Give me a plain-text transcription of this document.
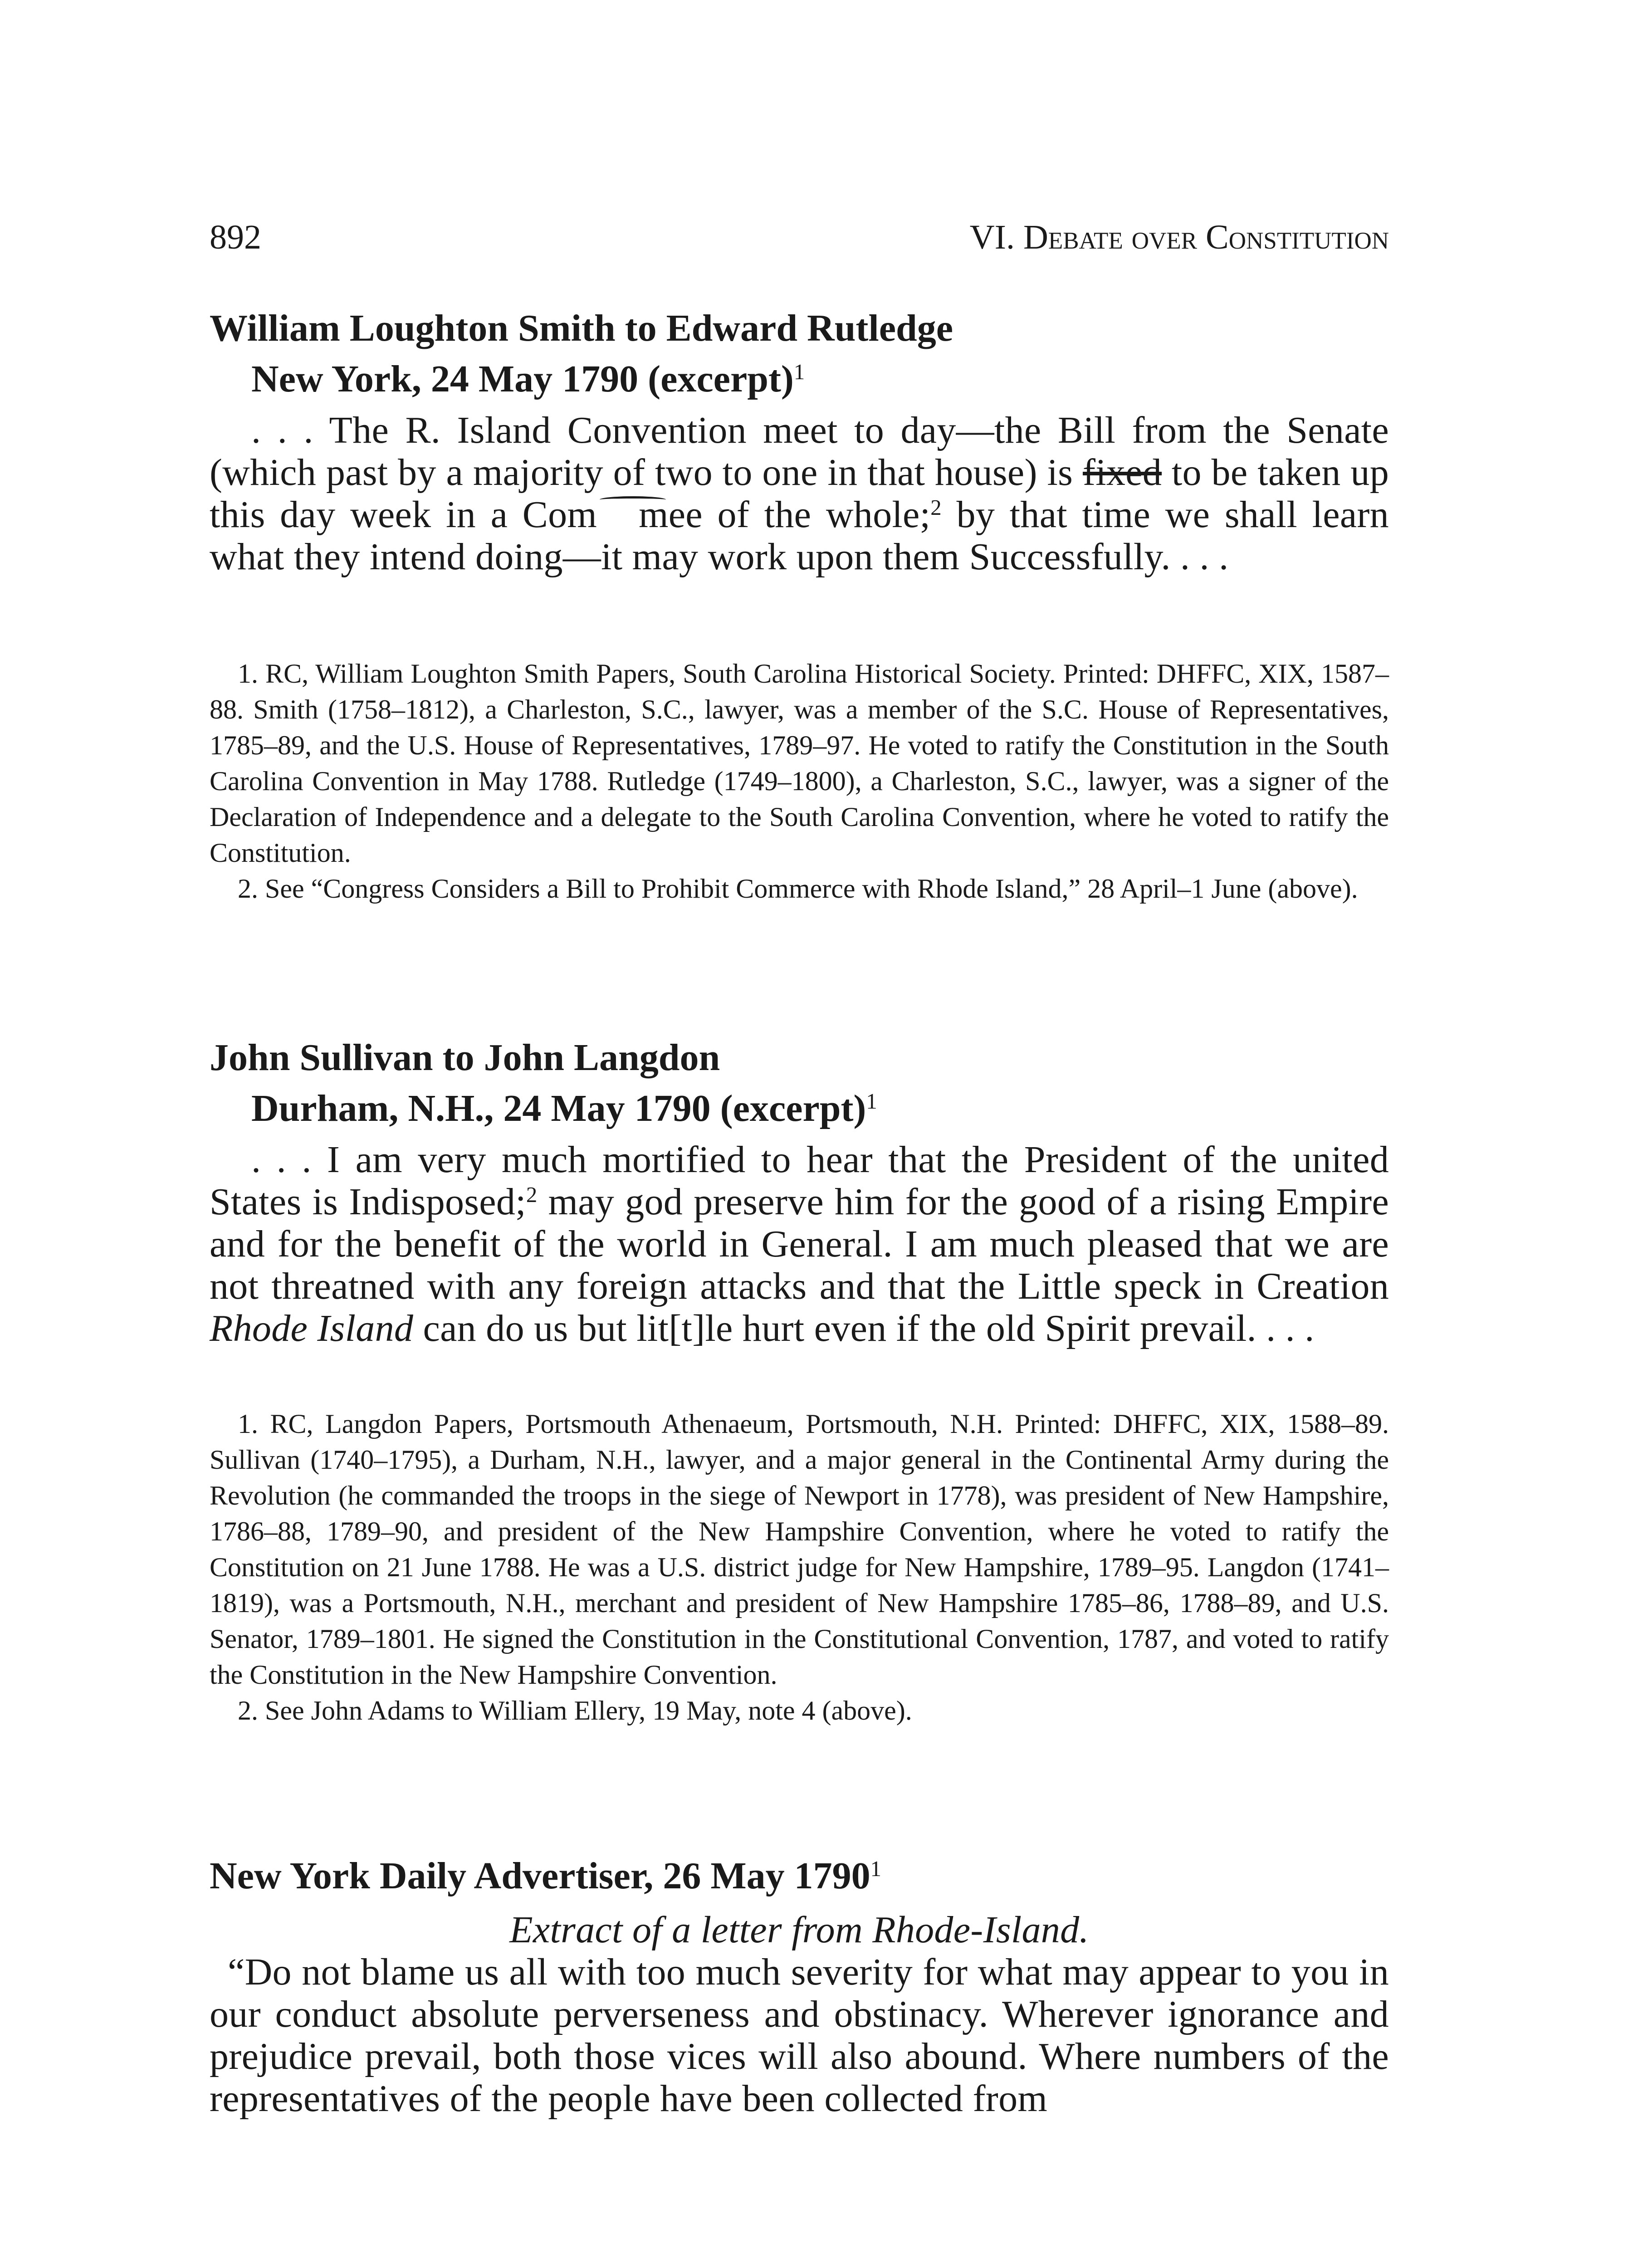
892	VI. Debate over Constitution
William Loughton Smith to Edward Rutledge
New York, 24 May 1790 (excerpt)$^1$

. . . The R. Island Convention meet to day—the Bill from the Senate (which past by a majority of two to one in that house) is fixed to be taken up this day week in a Com mee of the whole;$^2$ by that time we shall learn what they intend doing—it may work upon them Successfully. . . .

1. RC, William Loughton Smith Papers, South Carolina Historical Society. Printed: DHFFC, XIX, 1587–88. Smith (1758–1812), a Charleston, S.C., lawyer, was a member of the S.C. House of Representatives, 1785–89, and the U.S. House of Representatives, 1789–97. He voted to ratify the Constitution in the South Carolina Convention in May 1788. Rutledge (1749–1800), a Charleston, S.C., lawyer, was a signer of the Declaration of Independence and a delegate to the South Carolina Convention, where he voted to ratify the Constitution.

2. See “Congress Considers a Bill to Prohibit Commerce with Rhode Island,” 28 April–1 June (above).

John Sullivan to John Langdon
Durham, N.H., 24 May 1790 (excerpt)$^1$

. . . I am very much mortified to hear that the President of the united States is Indisposed;$^2$ may god preserve him for the good of a rising Empire and for the benefit of the world in General. I am much pleased that we are not threatned with any foreign attacks and that the Little speck in Creation Rhode Island can do us but lit[t]le hurt even if the old Spirit prevail. . . .

1. RC, Langdon Papers, Portsmouth Athenaeum, Portsmouth, N.H. Printed: DHFFC, XIX, 1588–89. Sullivan (1740–1795), a Durham, N.H., lawyer, and a major general in the Continental Army during the Revolution (he commanded the troops in the siege of Newport in 1778), was president of New Hampshire, 1786–88, 1789–90, and president of the New Hampshire Convention, where he voted to ratify the Constitution on 21 June 1788. He was a U.S. district judge for New Hampshire, 1789–95. Langdon (1741–1819), was a Portsmouth, N.H., merchant and president of New Hampshire 1785–86, 1788–89, and U.S. Senator, 1789–1801. He signed the Constitution in the Constitutional Convention, 1787, and voted to ratify the Constitution in the New Hampshire Convention.

2. See John Adams to William Ellery, 19 May, note 4 (above).

New York Daily Advertiser, 26 May 1790$^1$

Extract of a letter from Rhode-Island.

“Do not blame us all with too much severity for what may appear to you in our conduct absolute perverseness and obstinacy. Wherever ignorance and prejudice prevail, both those vices will also abound. Where numbers of the representatives of the people have been collected from
